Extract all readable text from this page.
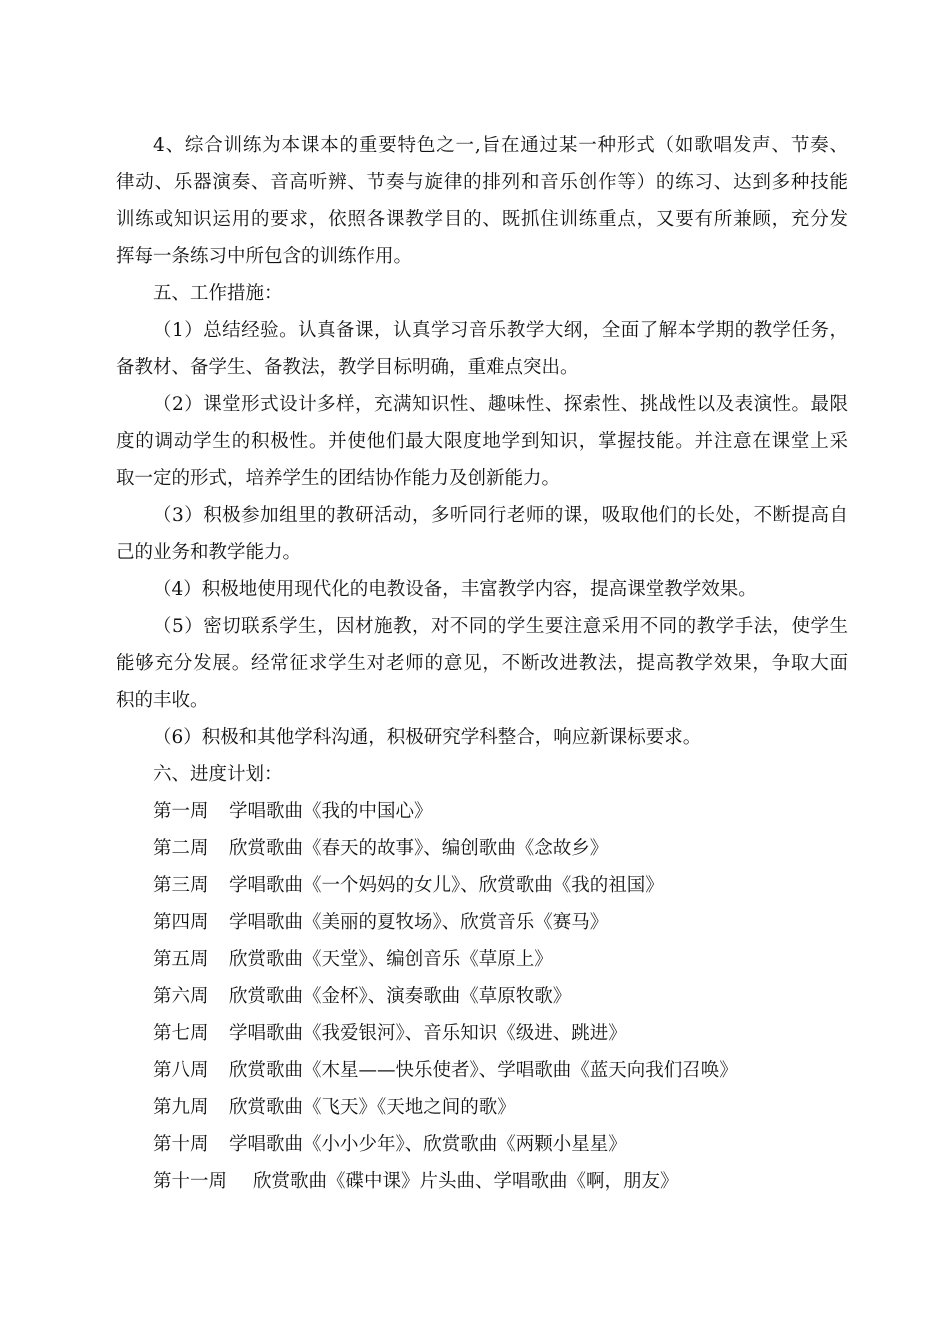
4、综合训练为本课本的重要特色之一,旨在通过某一种形式（如歌唱发声、节奏、
律动、乐器演奏、音高听辨、节奏与旋律的排列和音乐创作等）的练习、达到多种技能
训练或知识运用的要求，依照各课教学目的、既抓住训练重点，又要有所兼顾，充分发
挥每一条练习中所包含的训练作用。
五、工作措施：
（1）总结经验。认真备课，认真学习音乐教学大纲，全面了解本学期的教学任务，
备教材、备学生、备教法，教学目标明确，重难点突出。
（2）课堂形式设计多样，充满知识性、趣味性、探索性、挑战性以及表演性。最限
度的调动学生的积极性。并使他们最大限度地学到知识，掌握技能。并注意在课堂上采
取一定的形式，培养学生的团结协作能力及创新能力。
（3）积极参加组里的教研活动，多听同行老师的课，吸取他们的长处，不断提高自
己的业务和教学能力。
（4）积极地使用现代化的电教设备，丰富教学内容，提高课堂教学效果。
（5）密切联系学生，因材施教，对不同的学生要注意采用不同的教学手法，使学生
能够充分发展。经常征求学生对老师的意见，不断改进教法，提高教学效果，争取大面
积的丰收。
（6）积极和其他学科沟通，积极研究学科整合，响应新课标要求。
六、进度计划：
第一周 学唱歌曲《我的中国心》
第二周 欣赏歌曲《春天的故事》、编创歌曲《念故乡》
第三周 学唱歌曲《一个妈妈的女儿》、欣赏歌曲《我的祖国》
第四周 学唱歌曲《美丽的夏牧场》、欣赏音乐《赛马》
第五周 欣赏歌曲《天堂》、编创音乐《草原上》
第六周 欣赏歌曲《金杯》、演奏歌曲《草原牧歌》
第七周 学唱歌曲《我爱银河》、音乐知识《级进、跳进》
第八周 欣赏歌曲《木星——快乐使者》、学唱歌曲《蓝天向我们召唤》
第九周 欣赏歌曲《飞天》《天地之间的歌》
第十周 学唱歌曲《小小少年》、欣赏歌曲《两颗小星星》
第十一周 欣赏歌曲《碟中课》片头曲、学唱歌曲《啊，朋友》
